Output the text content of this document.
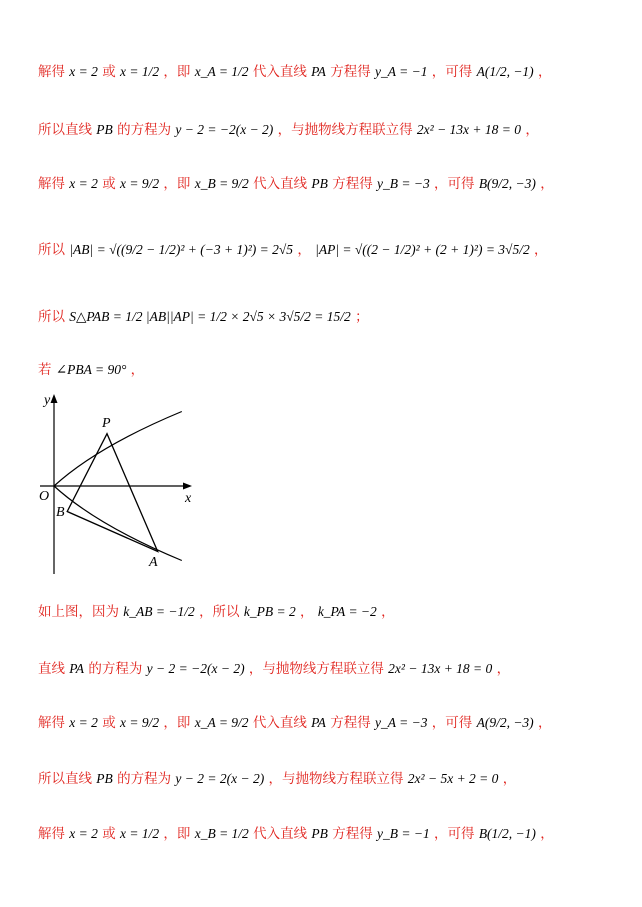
解得 x = 2 或 x = 1/2 ，即 x_A = 1/2 代入直线 PA 方程得 y_A = −1 ，可得 A(1/2, −1) ，
所以直线 PB 的方程为 y − 2 = −2(x − 2) ，与抛物线方程联立得 2x² − 13x + 18 = 0 ，
解得 x = 2 或 x = 9/2 ，即 x_B = 9/2 代入直线 PB 方程得 y_B = −3 ，可得 B(9/2, −3) ，
所以 |AB| = √((9/2 − 1/2)² + (−3 + 1)²) = 2√5 ， |AP| = √((2 − 1/2)² + (2 + 1)²) = 3√5/2 ，
所以 S△PAB = 1/2 |AB||AP| = 1/2 × 2√5 × 3√5/2 = 15/2 ；
若 ∠PBA = 90° ，
y
x
O
P
B
A
如上图，因为 k_AB = −1/2 ，所以 k_PB = 2 ， k_PA = −2 ，
直线 PA 的方程为 y − 2 = −2(x − 2) ，与抛物线方程联立得 2x² − 13x + 18 = 0 ，
解得 x = 2 或 x = 9/2 ，即 x_A = 9/2 代入直线 PA 方程得 y_A = −3 ，可得 A(9/2, −3) ，
所以直线 PB 的方程为 y − 2 = 2(x − 2) ，与抛物线方程联立得 2x² − 5x + 2 = 0 ，
解得 x = 2 或 x = 1/2 ，即 x_B = 1/2 代入直线 PB 方程得 y_B = −1 ，可得 B(1/2, −1) ，
